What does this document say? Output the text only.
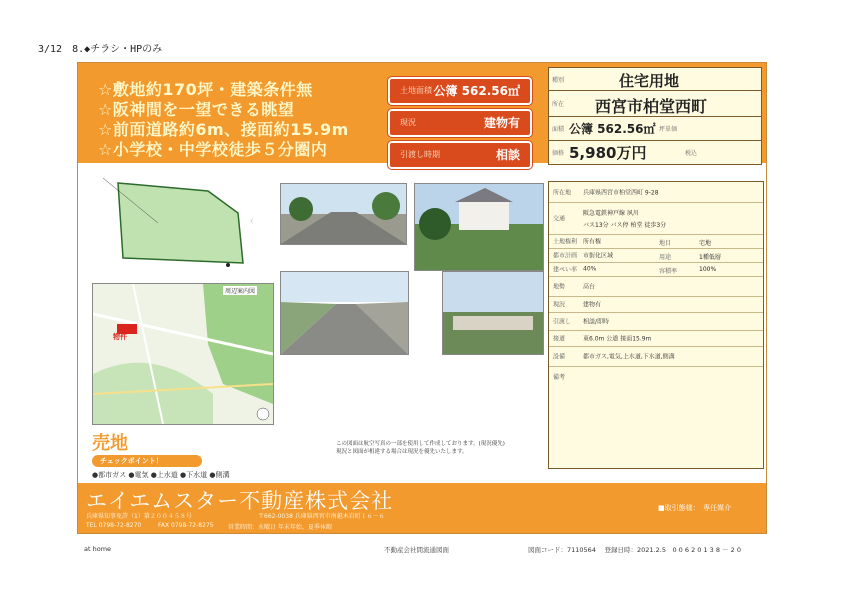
3/12　8.◆チラシ・HPのみ
☆敷地約170坪・建築条件無
☆阪神間を一望できる眺望
☆前面道路約6m、接面約15.9m
☆小学校・中学校徒歩５分圏内
土地面積 公簿 562.56㎡
現況	建物有
引渡し時期	相談
種別	住宅用地
所在 西宮市柏堂西町
面積 公簿 562.56㎡ 坪単価
価格 5,980万円	税込
〈
物件
周辺案内図
所在地 兵庫県西宮市柏堂西町 9-28
交通
阪急電鉄神戸線 夙川
バス13分 バス停 柏堂 徒歩3分
土地権利 所有権	地目	宅地
都市計画 市街化区域	用途	1種低層
建ぺい率 40%	容積率	100%
地勢	高台
現況	建物有
引渡し 相談/即時
接道	東6.0m 公道 接面15.9m
設備	都市ガス,電気,上水道,下水道,側溝
備考
この図面は航空写真の一部を使用して作成しております。(現況優先)
現況と図面が相違する場合は現況を優先いたします。
売地
チェックポイント！
●都市ガス ●電気 ●上水道 ●下水道 ●側溝
エイエムスター不動産株式会社
兵庫県知事免許（1）第２００４５８号	〒662-0038 兵庫県西宮市南越木岩町１６－６
TEL 0798-72-8270	FAX 0798-72-8275 営業時間：水曜日 年末年始、夏季休暇
■取引態様：　専任媒介
at home	不動産会社間流通図面	図面コード：7110564 　登録日時：2021.2.5　0 0 6 2 0 1 3 8 － 2 0
